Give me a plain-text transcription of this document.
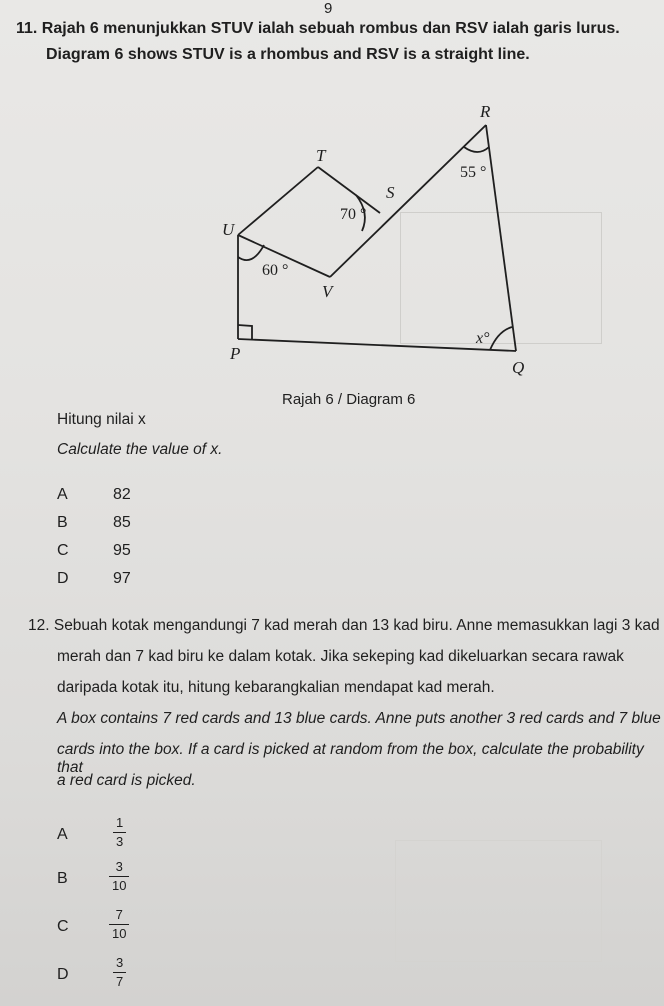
9

11. Rajah 6 menunjukkan STUV ialah sebuah rombus dan RSV ialah garis lurus.

Diagram 6 shows STUV is a rhombus and RSV is a straight line.

R
T
S
U
V
P
Q
55 °
70 °
60 °
x°

Rajah 6 / Diagram 6

Hitung nilai x

Calculate the value of x.

A	82
B	85
C	95
D	97

12. Sebuah kotak mengandungi 7 kad merah dan 13 kad biru. Anne memasukkan lagi 3 kad

merah dan 7 kad biru ke dalam kotak. Jika sekeping kad dikeluarkan secara rawak

daripada kotak itu, hitung kebarangkalian mendapat kad merah.

A box contains 7 red cards and 13 blue cards. Anne puts another 3 red cards and 7 blue

cards into the box. If a card is picked at random from the box, calculate the probability that

a red card is picked.

A	$\frac{1}{3}$
B	$\frac{3}{10}$
C	$\frac{7}{10}$
D	$\frac{3}{7}$
